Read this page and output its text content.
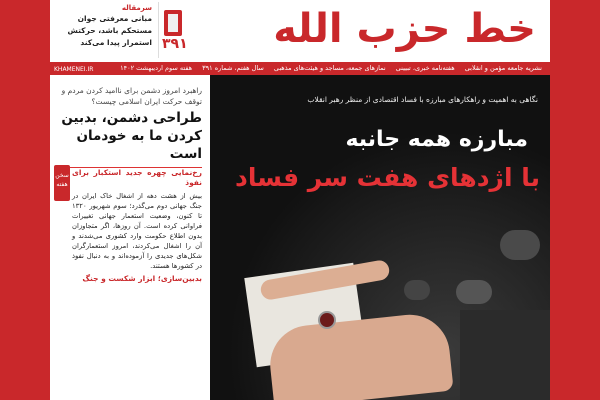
سرمقاله
مبانی معرفتی جوان
مستحکم باشد، حرکتش
استمرار پیدا می‌کند ۳۹۱ خط حزب الله
نشریه جامعه مؤمن و انقلابی هفته‌نامه خبری، تبیینی نمازهای جمعه، مساجد و هیئت‌های مذهبی سال هفتم، شماره ۳۹۱ هفته سوم اردیبهشت ۱۴۰۲
KHAMENEI.IR
راهبرد امروز دشمن برای ناامید کردن مردم و توقف حرکت ایران اسلامی چیست؟
طراحی دشمن، بدبین کردن ما به خودمان است
سخن هفته
رخ‌نمایی چهره جدید استکبار برای نفوذ
بیش از هشت دهه از اشغال خاک ایران در جنگ جهانی دوم می‌گذرد؛ سوم شهریور ۱۳۲۰ تا کنون، وضعیت استعمار جهانی تغییرات فراوانی کرده است. آن روزها، اگر متجاوزان بدون اطلاع حکومت وارد کشوری می‌شدند و آن را اشغال می‌کردند، امروز استعمارگران شکل‌های جدیدی را آزموده‌اند و به دنبال نفوذ در کشورها هستند.
بدبین‌سازی؛ ابزار شکست و جنگ
نگاهی به اهمیت و راهکارهای مبارزه با فساد اقتصادی از منظر رهبر انقلاب
مبارزه همه جانبه
با اژدهای هفت سر فساد
